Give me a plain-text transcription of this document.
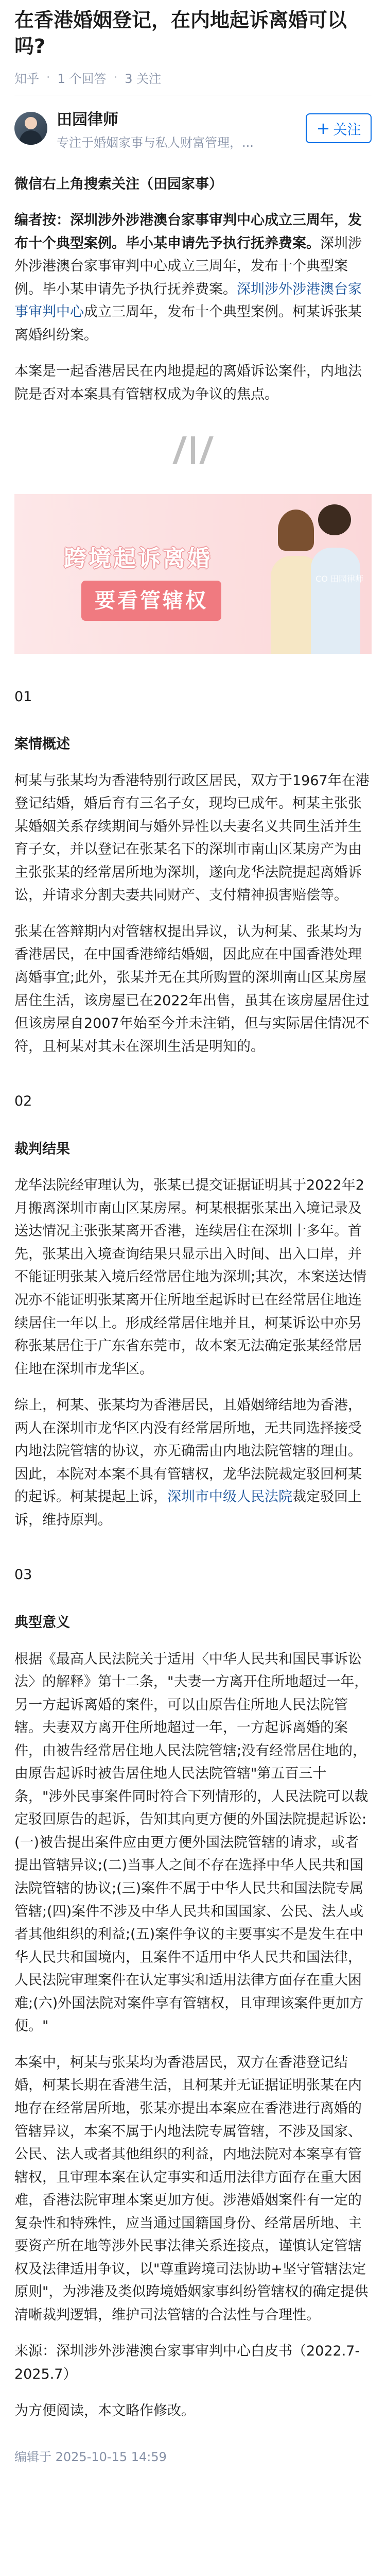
在香港婚姻登记，在内地起诉离婚可以吗?
知乎 · 1 个回答 · 3 关注
田园律师
专注于婚姻家事与私人财富管理，...
+ 关注

微信右上角搜索关注（田园家事）

编者按：深圳涉外涉港澳台家事审判中心成立三周年，发布十个典型案例。毕小某申请先予执行抚养费案。深圳涉外涉港澳台家事审判中心成立三周年，发布十个典型案例。毕小某申请先予执行抚养费案。深圳涉外涉港澳台家事审判中心成立三周年，发布十个典型案例。柯某诉张某离婚纠纷案。

本案是一起香港居民在内地提起的离婚诉讼案件，内地法院是否对本案具有管辖权成为争议的焦点。

跨境起诉离婚
要看管辖权
CO 田园律师
01
案情概述

柯某与张某均为香港特别行政区居民，双方于1967年在港登记结婚，婚后育有三名子女，现均已成年。柯某主张张某婚姻关系存续期间与婚外异性以夫妻名义共同生活并生育子女，并以登记在张某名下的深圳市南山区某房产为由主张张某的经常居所地为深圳，遂向龙华法院提起离婚诉讼，并请求分割夫妻共同财产、支付精神损害赔偿等。

张某在答辩期内对管辖权提出异议，认为柯某、张某均为香港居民，在中国香港缔结婚姻，因此应在中国香港处理离婚事宜;此外，张某并无在其所购置的深圳南山区某房屋居住生活，该房屋已在2022年出售，虽其在该房屋居住过但该房屋自2007年始至今并未注销，但与实际居住情况不符，且柯某对其未在深圳生活是明知的。

02
裁判结果

龙华法院经审理认为，张某已提交证据证明其于2022年2月搬离深圳市南山区某房屋。柯某根据张某出入境记录及送达情况主张张某离开香港，连续居住在深圳十多年。首先，张某出入境查询结果只显示出入时间、出入口岸，并不能证明张某入境后经常居住地为深圳;其次，本案送达情况亦不能证明张某离开住所地至起诉时已在经常居住地连续居住一年以上。形成经常居住地并且，柯某诉讼中亦另称张某居住于广东省东莞市，故本案无法确定张某经常居住地在深圳市龙华区。

综上，柯某、张某均为香港居民，且婚姻缔结地为香港，两人在深圳市龙华区内没有经常居所地，无共同选择接受内地法院管辖的协议，亦无确需由内地法院管辖的理由。因此，本院对本案不具有管辖权，龙华法院裁定驳回柯某的起诉。柯某提起上诉，深圳市中级人民法院裁定驳回上诉，维持原判。

03
典型意义

根据《最高人民法院关于适用〈中华人民共和国民事诉讼法〉的解释》第十二条，"夫妻一方离开住所地超过一年，另一方起诉离婚的案件，可以由原告住所地人民法院管辖。夫妻双方离开住所地超过一年，一方起诉离婚的案件，由被告经常居住地人民法院管辖;没有经常居住地的，由原告起诉时被告居住地人民法院管辖"第五百三十条，"涉外民事案件同时符合下列情形的，人民法院可以裁定驳回原告的起诉，告知其向更方便的外国法院提起诉讼:(一)被告提出案件应由更方便外国法院管辖的请求，或者提出管辖异议;(二)当事人之间不存在选择中华人民共和国法院管辖的协议;(三)案件不属于中华人民共和国法院专属管辖;(四)案件不涉及中华人民共和国国家、公民、法人或者其他组织的利益;(五)案件争议的主要事实不是发生在中华人民共和国境内，且案件不适用中华人民共和国法律，人民法院审理案件在认定事实和适用法律方面存在重大困难;(六)外国法院对案件享有管辖权，且审理该案件更加方便。"

本案中，柯某与张某均为香港居民，双方在香港登记结婚，柯某长期在香港生活，且柯某并无证据证明张某在内地存在经常居所地，张某亦提出本案应在香港进行离婚的管辖异议，本案不属于内地法院专属管辖，不涉及国家、公民、法人或者其他组织的利益，内地法院对本案享有管辖权，且审理本案在认定事实和适用法律方面存在重大困难，香港法院审理本案更加方便。涉港婚姻案件有一定的复杂性和特殊性，应当通过国籍国身份、经常居所地、主要资产所在地等涉外民事法律关系连接点，谨慎认定管辖权及法律适用争议，以"尊重跨境司法协助+坚守管辖法定原则"，为涉港及类似跨境婚姻家事纠纷管辖权的确定提供清晰裁判逻辑，维护司法管辖的合法性与合理性。

来源：深圳涉外涉港澳台家事审判中心白皮书（2022.7-2025.7）

为方便阅读，本文略作修改。

编辑于 2025-10-15 14:59
